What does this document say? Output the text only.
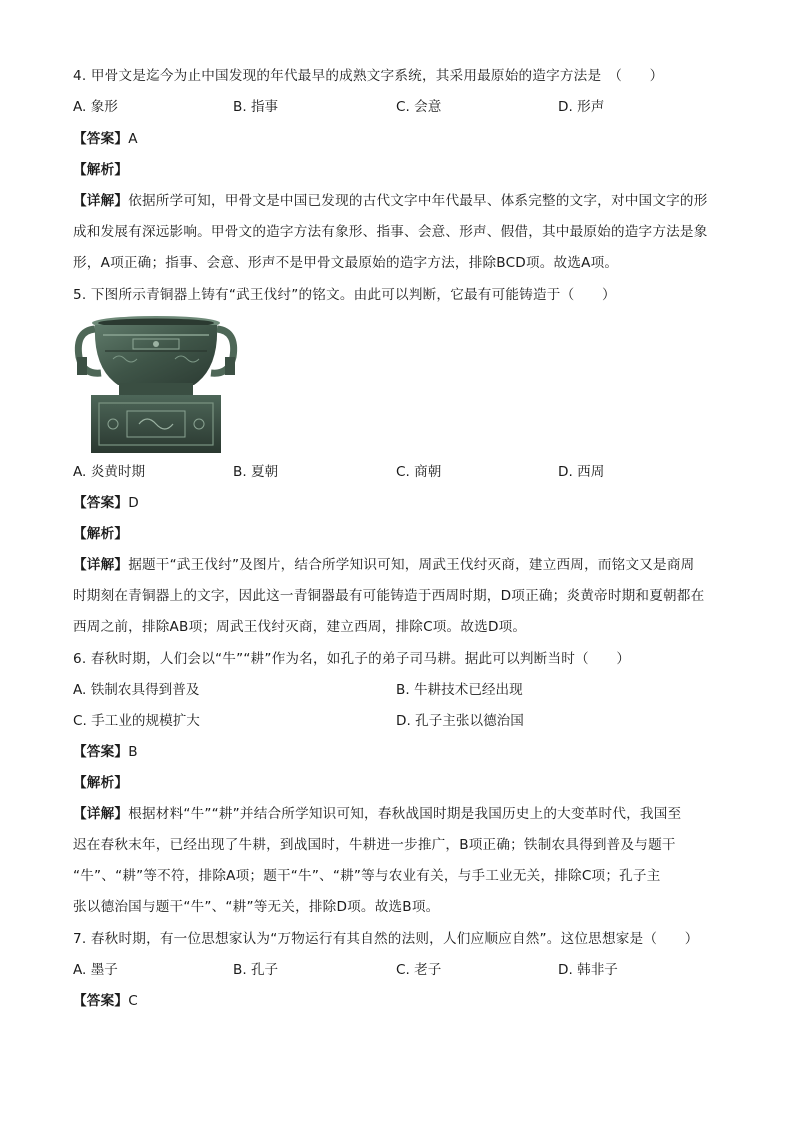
4. 甲骨文是迄今为止中国发现的年代最早的成熟文字系统，其采用最原始的造字方法是　（　　）
A. 象形	B. 指事	C. 会意	D. 形声
【答案】A
【解析】
【详解】依据所学可知，甲骨文是中国已发现的古代文字中年代最早、体系完整的文字，对中国文字的形
成和发展有深远影响。甲骨文的造字方法有象形、指事、会意、形声、假借，其中最原始的造字方法是象
形，A项正确；指事、会意、形声不是甲骨文最原始的造字方法，排除BCD项。故选A项。
5. 下图所示青铜器上铸有“武王伐纣”的铭文。由此可以判断，它最有可能铸造于（　　）
A. 炎黄时期	B. 夏朝	C. 商朝	D. 西周
【答案】D
【解析】
【详解】据题干“武王伐纣”及图片，结合所学知识可知，周武王伐纣灭商，建立西周，而铭文又是商周
时期刻在青铜器上的文字，因此这一青铜器最有可能铸造于西周时期，D项正确；炎黄帝时期和夏朝都在
西周之前，排除AB项；周武王伐纣灭商，建立西周，排除C项。故选D项。
6. 春秋时期，人们会以“牛”“耕”作为名，如孔子的弟子司马耕。据此可以判断当时（　　）
A. 铁制农具得到普及	B. 牛耕技术已经出现
C. 手工业的规模扩大	D. 孔子主张以德治国
【答案】B
【解析】
【详解】根据材料“牛”“耕”并结合所学知识可知，春秋战国时期是我国历史上的大变革时代，我国至
迟在春秋末年，已经出现了牛耕，到战国时，牛耕进一步推广，B项正确；铁制农具得到普及与题干
“牛”、“耕”等不符，排除A项；题干“牛”、“耕”等与农业有关，与手工业无关，排除C项；孔子主
张以德治国与题干“牛”、“耕”等无关，排除D项。故选B项。
7. 春秋时期，有一位思想家认为“万物运行有其自然的法则，人们应顺应自然”。这位思想家是（　　）
A. 墨子	B. 孔子	C. 老子	D. 韩非子
【答案】C
